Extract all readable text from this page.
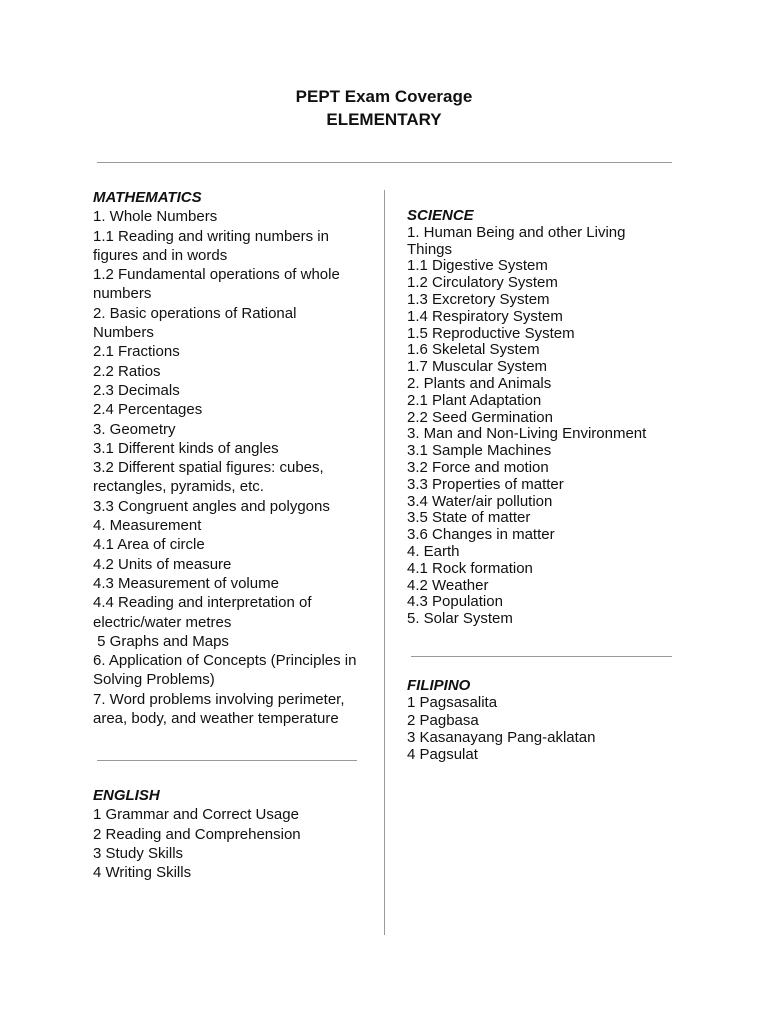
PEPT Exam Coverage
ELEMENTARY
MATHEMATICS
1. Whole Numbers
1.1 Reading and writing numbers in figures and in words
1.2 Fundamental operations of whole numbers
2. Basic operations of Rational Numbers
2.1 Fractions
2.2 Ratios
2.3 Decimals
2.4 Percentages
3. Geometry
3.1 Different kinds of angles
3.2 Different spatial figures: cubes, rectangles, pyramids, etc.
3.3 Congruent angles and polygons
4. Measurement
4.1 Area of circle
4.2 Units of measure
4.3 Measurement of volume
4.4 Reading and interpretation of electric/water metres
5 Graphs and Maps
6. Application of Concepts (Principles in Solving Problems)
7. Word problems involving perimeter, area, body, and weather temperature
ENGLISH
1 Grammar and Correct Usage
2 Reading and Comprehension
3 Study Skills
4 Writing Skills
SCIENCE
1. Human Being and other Living Things
1.1 Digestive System
1.2 Circulatory System
1.3 Excretory System
1.4 Respiratory System
1.5 Reproductive System
1.6 Skeletal System
1.7 Muscular System
2. Plants and Animals
2.1 Plant Adaptation
2.2 Seed Germination
3. Man and Non-Living Environment
3.1 Sample Machines
3.2 Force and motion
3.3 Properties of matter
3.4 Water/air pollution
3.5 State of matter
3.6 Changes in matter
4. Earth
4.1 Rock formation
4.2 Weather
4.3 Population
5. Solar System
FILIPINO
1 Pagsasalita
2 Pagbasa
3 Kasanayang Pang-aklatan
4 Pagsulat
